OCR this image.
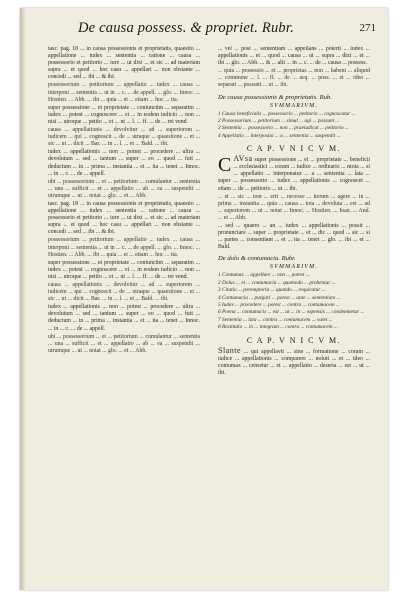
De causa possess. & propriet. Rubr.	271

tasc. pag. 18 ... in causa possessionis et proprietatis, quaestio ... appellatione ... iudex ... sententia ... ratione ... causa ... possessorio et petitorio ... iure ... ut dixi ... et sic ... ad materiam supra ... et quod ... hoc casu ... appellari ... non obstante ... concedi ... sed ... ibi ... & ibi.

possessorium ... petitorium ... appellatio ... iudex ... causa ... interponi ... sententia ... ut in ... c. ... de appell. ... glo. ... Innoc. ... Hostien. ... Abb. ... ibi ... quia ... et ... etiam ... hoc ... ita.

super possessione ... et proprietate ... coniunctim ... separatim ... iudex ... potest ... cognoscere ... et ... in eodem iudicio ... non ... nisi ... utroque ... petito ... et ... ut ... l. ... ff. ... de ... rei vend.

causa ... appellationis ... devolvitur ... ad ... superiorem ... iudicem ... qui ... cognoscit ... de ... utraque ... quaestione ... et ... sic ... ut ... dicit ... Bar. ... in ... l. ... et ... Bald. ... ibi.

iudex ... appellationis ... non ... potest ... procedere ... ultra ... devolutum ... sed ... tantum ... super ... eo ... quod ... fuit ... deductum ... in ... prima ... instantia ... et ... ita ... tenet ... Innoc. ... in ... c. ... de ... appell.

ubi ... possessorium ... et ... petitorium ... cumulantur ... sententia ... una ... sufficit ... et ... appellatio ... ab ... ea ... suspendit ... utrumque ... ut ... notat ... glo. ... et ... Abb.

tasc. pag. 18 ... in causa possessionis et proprietatis, quaestio ... appellatione ... iudex ... sententia ... ratione ... causa ... possessorio et petitorio ... iure ... ut dixi ... et sic ... ad materiam supra ... et quod ... hoc casu ... appellari ... non obstante ... concedi ... sed ... ibi ... & ibi.

possessorium ... petitorium ... appellatio ... iudex ... causa ... interponi ... sententia ... ut in ... c. ... de appell. ... glo. ... Innoc. ... Hostien. ... Abb. ... ibi ... quia ... et ... etiam ... hoc ... ita.

super possessione ... et proprietate ... coniunctim ... separatim ... iudex ... potest ... cognoscere ... et ... in eodem iudicio ... non ... nisi ... utroque ... petito ... et ... ut ... l. ... ff. ... de ... rei vend.

causa ... appellationis ... devolvitur ... ad ... superiorem ... iudicem ... qui ... cognoscit ... de ... utraque ... quaestione ... et ... sic ... ut ... dicit ... Bar. ... in ... l. ... et ... Bald. ... ibi.

iudex ... appellationis ... non ... potest ... procedere ... ultra ... devolutum ... sed ... tantum ... super ... eo ... quod ... fuit ... deductum ... in ... prima ... instantia ... et ... ita ... tenet ... Innoc. ... in ... c. ... de ... appell.

ubi ... possessorium ... et ... petitorium ... cumulantur ... sententia ... una ... sufficit ... et ... appellatio ... ab ... ea ... suspendit ... utrumque ... ut ... notat ... glo. ... et ... Abb.

... vel ... post ... sententiam ... appellans ... poterit ... iudex ... appellationis ... et ... quod ... causa ... ut ... supra ... dixi ... et ... ibi ... glo. ... Abb. ... & ... alii ... in ... c. ... de ... causa ... possess.

... quia ... possessio ... et ... proprietas ... non ... habent ... aliquid ... commune ... l. ... ff. ... de ... acq. ... poss. ... et ... ideo ... separari ... possunt ... ut ... ibi.

De causa possessionis & proprietatis. Rub.
SVMMARIVM.

1 Causa beneficialis ... possessorio ... petitorio ... cognoscatur ...

2 Possessorium ... petitorium ... simul ... agi ... possunt ...

3 Sententia ... possessorio ... non ... praeiudicat ... petitorio ...

4 Appellatio ... interposita ... a ... sententia ... suspendit ...

C A P. V N I C V M.

C AVsa super possessione ... et ... proprietate ... beneficii ... ecclesiastici ... coram ... iudice ... ordinario ... mota ... si ... appellatio ... interponatur ... a ... sententia ... lata ... super ... possessorio ... iudex ... appellationis ... cognoscet ... etiam ... de ... petitorio ... ut ... ibi.

... et ... sic ... non ... erit ... necesse ... iterum ... agere ... in ... prima ... instantia ... quia ... causa ... tota ... devoluta ... est ... ad ... superiorem ... ut ... notat ... Innoc. ... Hostien. ... Ioan. ... And. ... et ... Abb.

... sed ... quaero ... an ... iudex ... appellationis ... possit ... pronunciare ... super ... proprietate ... et ... dic ... quod ... sic ... si ... partes ... consentiant ... et ... ita ... tenet ... glo. ... ibi ... et ... Bald.

De dolo & contumacia. Rubr.
SVMMARIVM.

1 Contumax ... appellare ... non ... potest ...

2 Dolus ... et ... contumacia ... quomodo ... probentur ...

3 Citatio ... peremptoria ... quando ... requiratur ...

4 Contumacia ... purgari ... potest ... ante ... sententiam ...

5 Iudex ... procedere ... potest ... contra ... contumacem ...

6 Poena ... contumacis ... est ... ut ... in ... expensis ... condemnetur ...

7 Sententia ... lata ... contra ... contumacem ... valet ...

8 Restitutio ... in ... integrum ... contra ... contumacem ...

C A P. V N I C V M.

Slante ... qui appellavit ... sine ... formatione ... coram ... iudice ... appellationis ... comparere ... noluit ... et ... ideo ... contumax ... censetur ... et ... appellatio ... deserta ... est ... ut ... ibi.
